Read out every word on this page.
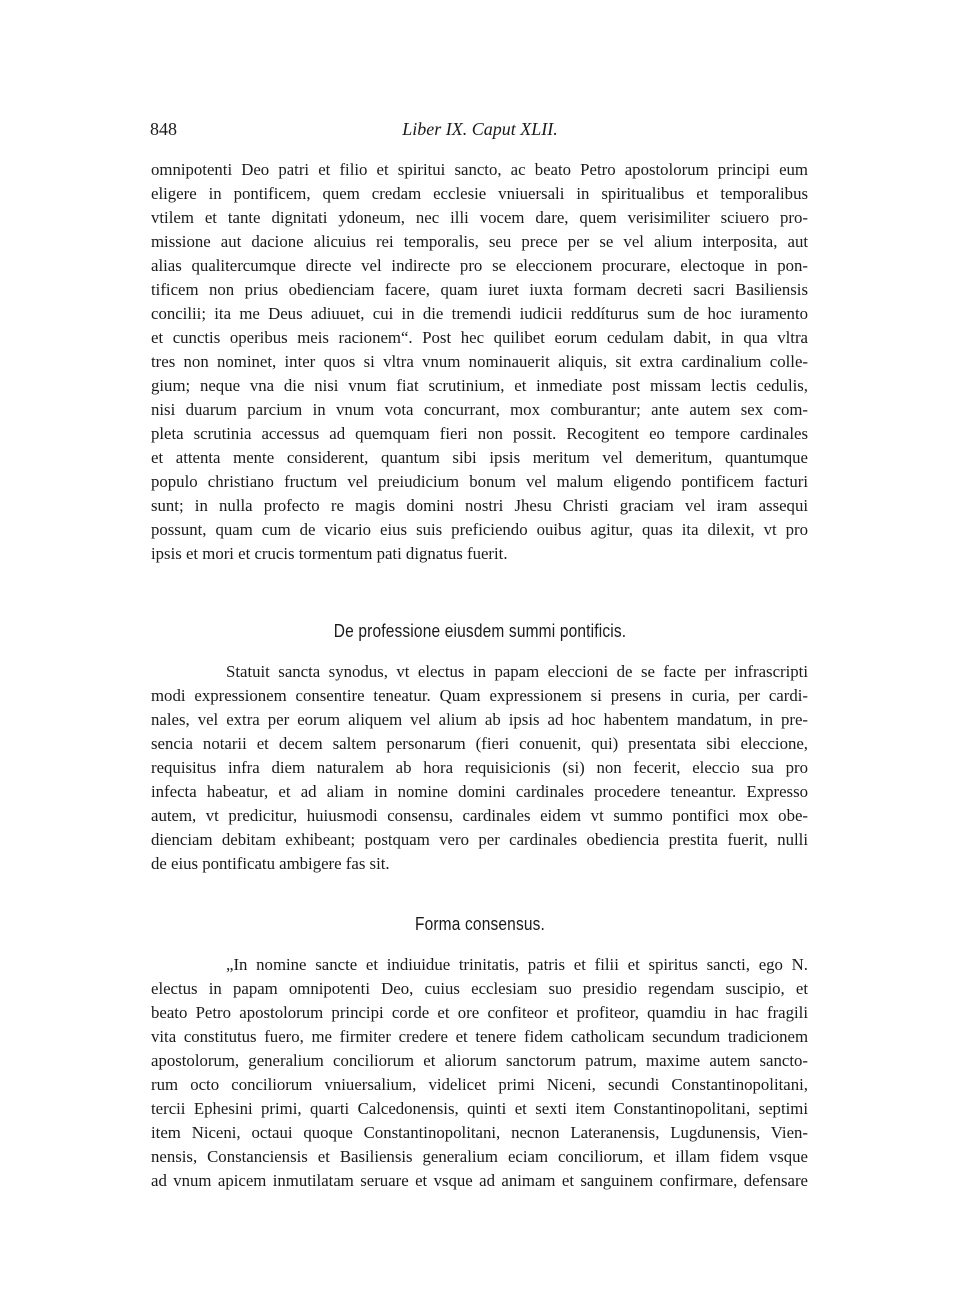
848	Liber IX. Caput XLII.
omnipotenti Deo patri et filio et spiritui sancto, ac beato Petro apostolorum principi eum
eligere in pontificem, quem credam ecclesie vniuersali in spiritualibus et temporalibus
vtilem et tante dignitati ydoneum, nec illi vocem dare, quem verisimiliter sciuero pro-
missione aut dacione alicuius rei temporalis, seu prece per se vel alium interposita, aut
alias qualitercumque directe vel indirecte pro se eleccionem procurare, electoque in pon-
tificem non prius obedienciam facere, quam iuret iuxta formam decreti sacri Basiliensis
concilii; ita me Deus adiuuet, cui in die tremendi iudicii reddíturus sum de hoc iuramento
et cunctis operibus meis racionem“. Post hec quilibet eorum cedulam dabit, in qua vltra
tres non nominet, inter quos si vltra vnum nominauerit aliquis, sit extra cardinalium colle-
gium; neque vna die nisi vnum fiat scrutinium, et inmediate post missam lectis cedulis,
nisi duarum parcium in vnum vota concurrant, mox comburantur; ante autem sex com-
pleta scrutinia accessus ad quemquam fieri non possit. Recogitent eo tempore cardinales
et attenta mente considerent, quantum sibi ipsis meritum vel demeritum, quantumque
populo christiano fructum vel preiudicium bonum vel malum eligendo pontificem facturi
sunt; in nulla profecto re magis domini nostri Jhesu Christi graciam vel iram assequi
possunt, quam cum de vicario eius suis preficiendo ouibus agitur, quas ita dilexit, vt pro
ipsis et mori et crucis tormentum pati dignatus fuerit.
De professione eiusdem summi pontificis.
Statuit sancta synodus, vt electus in papam eleccioni de se facte per infrascripti
modi expressionem consentire teneatur. Quam expressionem si presens in curia, per cardi-
nales, vel extra per eorum aliquem vel alium ab ipsis ad hoc habentem mandatum, in pre-
sencia notarii et decem saltem personarum (fieri conuenit, qui) presentata sibi eleccione,
requisitus infra diem naturalem ab hora requisicionis (si) non fecerit, eleccio sua pro
infecta habeatur, et ad aliam in nomine domini cardinales procedere teneantur. Expresso
autem, vt predicitur, huiusmodi consensu, cardinales eidem vt summo pontifici mox obe-
dienciam debitam exhibeant; postquam vero per cardinales obediencia prestita fuerit, nulli
de eius pontificatu ambigere fas sit.
Forma consensus.
„In nomine sancte et indiuidue trinitatis, patris et filii et spiritus sancti, ego N.
electus in papam omnipotenti Deo, cuius ecclesiam suo presidio regendam suscipio, et
beato Petro apostolorum principi corde et ore confiteor et profiteor, quamdiu in hac fragili
vita constitutus fuero, me firmiter credere et tenere fidem catholicam secundum tradicionem
apostolorum, generalium conciliorum et aliorum sanctorum patrum, maxime autem sancto-
rum octo conciliorum vniuersalium, videlicet primi Niceni, secundi Constantinopolitani,
tercii Ephesini primi, quarti Calcedonensis, quinti et sexti item Constantinopolitani, septimi
item Niceni, octaui quoque Constantinopolitani, necnon Lateranensis, Lugdunensis, Vien-
nensis, Constanciensis et Basiliensis generalium eciam conciliorum, et illam fidem vsque
ad vnum apicem inmutilatam seruare et vsque ad animam et sanguinem confirmare, defensare
